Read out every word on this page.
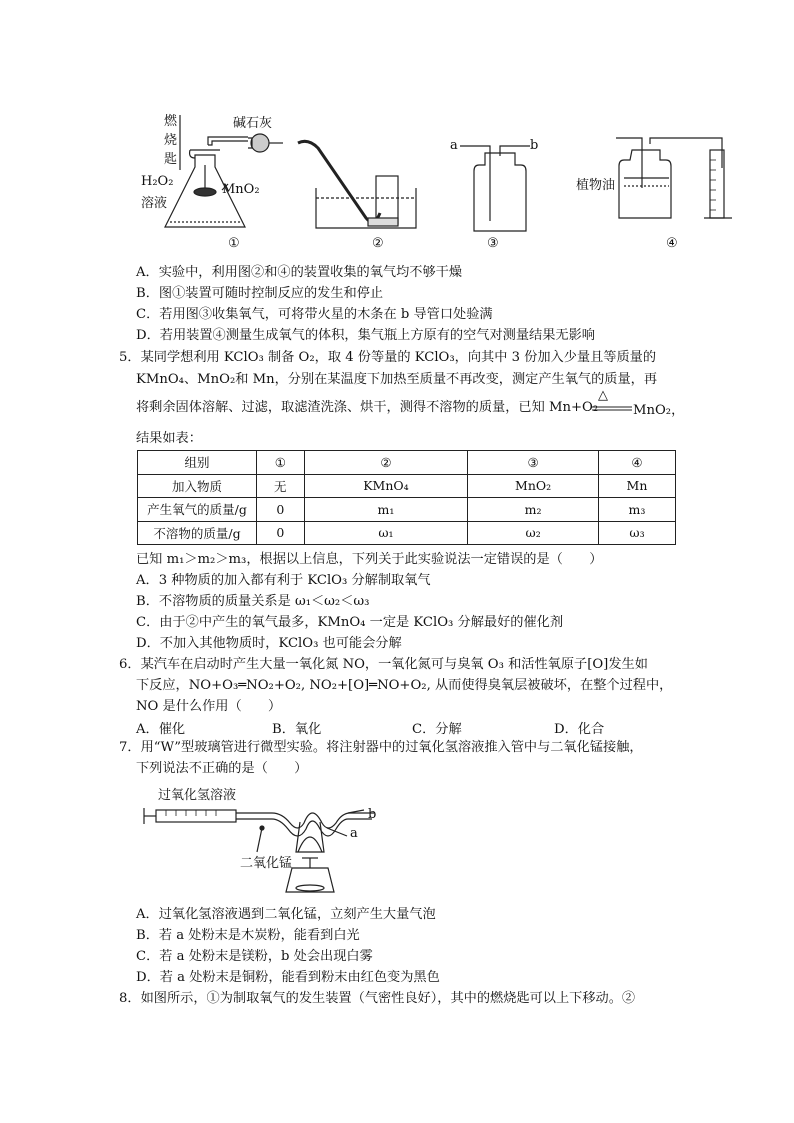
燃烧匙
碱石灰
H₂O₂
溶液
MnO₂
①	②
a	b
③
植物油
④
A．实验中，利用图②和④的装置收集的氧气均不够干燥
B．图①装置可随时控制反应的发生和停止
C．若用图③收集氧气，可将带火星的木条在 b 导管口处验满
D．若用装置④测量生成氧气的体积，集气瓶上方原有的空气对测量结果无影响
5．某同学想利用 KClO₃ 制备 O₂，取 4 份等量的 KClO₃，向其中 3 份加入少量且等质量的
KMnO₄、MnO₂和 Mn，分别在某温度下加热至质量不再改变，测定产生氧气的质量，再
将剩余固体溶解、过滤，取滤渣洗涤、烘干，测得不溶物的质量，已知 Mn+O₂
△
MnO₂，
结果如表：
组别	①	②	③	④
加入物质	无	KMnO₄	MnO₂	Mn
产生氧气的质量/g	0	m₁	m₂	m₃
不溶物的质量/g	0	ω₁	ω₂	ω₃
已知 m₁＞m₂＞m₃，根据以上信息，下列关于此实验说法一定错误的是（　　）
A．3 种物质的加入都有利于 KClO₃ 分解制取氧气
B．不溶物质的质量关系是 ω₁＜ω₂＜ω₃
C．由于②中产生的氧气最多，KMnO₄ 一定是 KClO₃ 分解最好的催化剂
D．不加入其他物质时，KClO₃ 也可能会分解
6．某汽车在启动时产生大量一氧化氮 NO，一氧化氮可与臭氧 O₃ 和活性氧原子[O]发生如
下反应，NO+O₃═NO₂+O₂, NO₂+[O]═NO+O₂, 从而使得臭氧层被破坏，在整个过程中，
NO 是什么作用（　　）
A．催化	B．氧化	C．分解	D．化合
7．用“W”型玻璃管进行微型实验。将注射器中的过氧化氢溶液推入管中与二氧化锰接触，
下列说法不正确的是（　　）
过氧化氢溶液
二氧化锰
a
b
A．过氧化氢溶液遇到二氧化锰，立刻产生大量气泡
B．若 a 处粉末是木炭粉，能看到白光
C．若 a 处粉末是镁粉，b 处会出现白雾
D．若 a 处粉末是铜粉，能看到粉末由红色变为黑色
8．如图所示，①为制取氧气的发生装置（气密性良好），其中的燃烧匙可以上下移动。②
